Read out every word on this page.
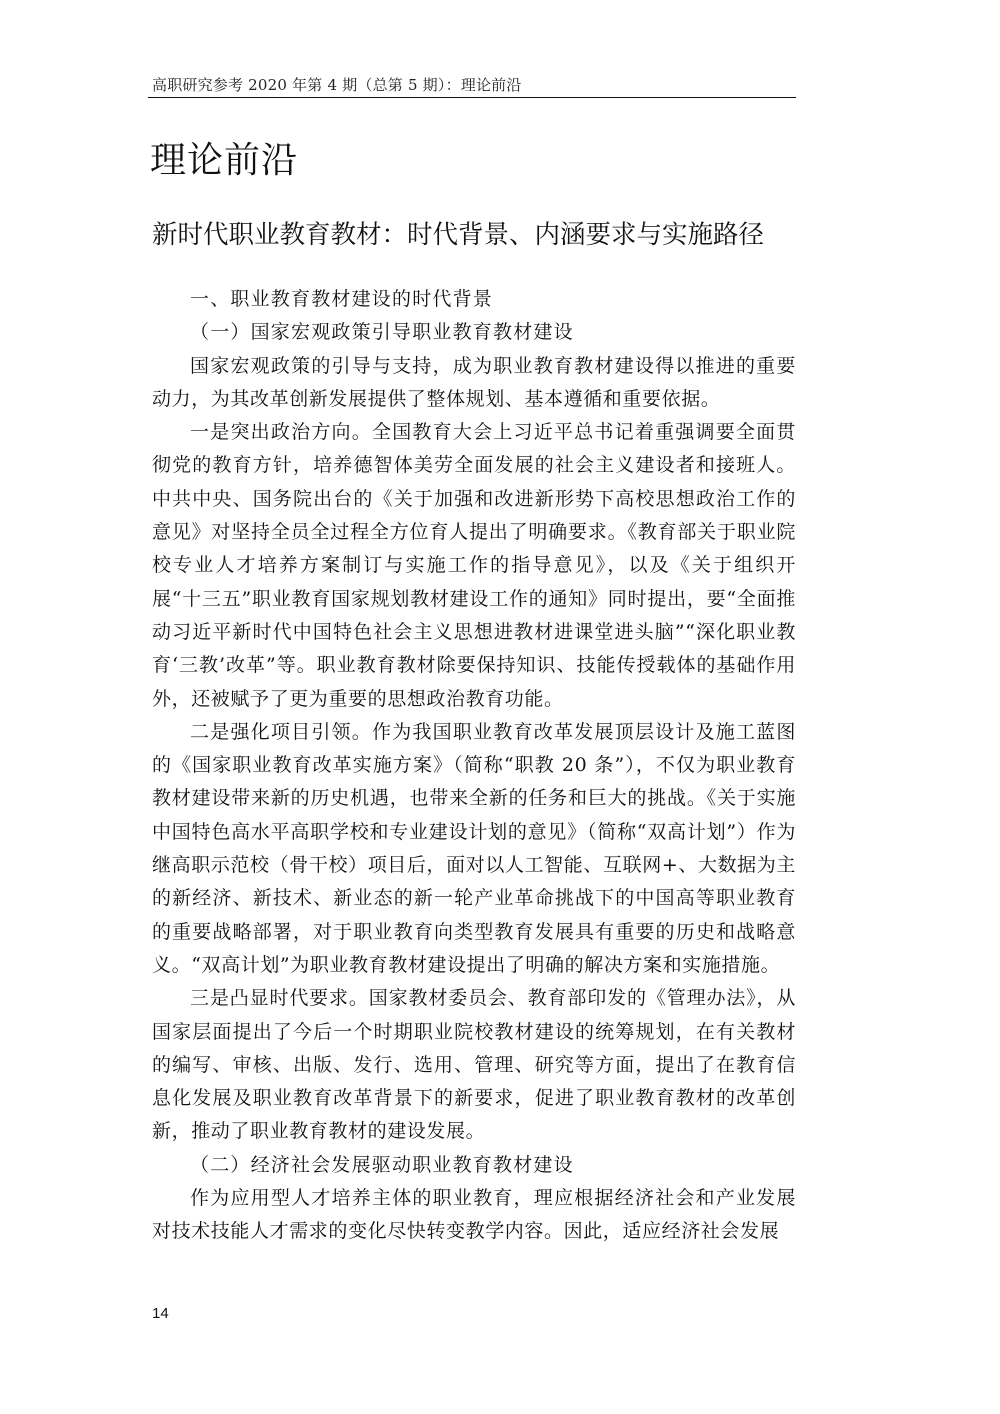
高职研究参考 2020 年第 4 期（总第 5 期）：理论前沿
理论前沿
新时代职业教育教材：时代背景、内涵要求与实施路径

一、职业教育教材建设的时代背景

（一）国家宏观政策引导职业教育教材建设

国家宏观政策的引导与支持，成为职业教育教材建设得以推进的重要动力，为其改革创新发展提供了整体规划、基本遵循和重要依据。

一是突出政治方向。全国教育大会上习近平总书记着重强调要全面贯彻党的教育方针，培养德智体美劳全面发展的社会主义建设者和接班人。中共中央、国务院出台的《关于加强和改进新形势下高校思想政治工作的意见》对坚持全员全过程全方位育人提出了明确要求。《教育部关于职业院校专业人才培养方案制订与实施工作的指导意见》，以及《关于组织开展“十三五”职业教育国家规划教材建设工作的通知》同时提出，要“全面推动习近平新时代中国特色社会主义思想进教材进课堂进头脑”“深化职业教育‘三教’改革”等。职业教育教材除要保持知识、技能传授载体的基础作用外，还被赋予了更为重要的思想政治教育功能。

二是强化项目引领。作为我国职业教育改革发展顶层设计及施工蓝图的《国家职业教育改革实施方案》（简称“职教 20 条”），不仅为职业教育教材建设带来新的历史机遇，也带来全新的任务和巨大的挑战。《关于实施中国特色高水平高职学校和专业建设计划的意见》（简称“双高计划”）作为继高职示范校（骨干校）项目后，面对以人工智能、互联网+、大数据为主的新经济、新技术、新业态的新一轮产业革命挑战下的中国高等职业教育的重要战略部署，对于职业教育向类型教育发展具有重要的历史和战略意义。“双高计划”为职业教育教材建设提出了明确的解决方案和实施措施。

三是凸显时代要求。国家教材委员会、教育部印发的《管理办法》，从国家层面提出了今后一个时期职业院校教材建设的统筹规划，在有关教材的编写、审核、出版、发行、选用、管理、研究等方面，提出了在教育信息化发展及职业教育改革背景下的新要求，促进了职业教育教材的改革创新，推动了职业教育教材的建设发展。

（二）经济社会发展驱动职业教育教材建设

作为应用型人才培养主体的职业教育，理应根据经济社会和产业发展对技术技能人才需求的变化尽快转变教学内容。因此，适应经济社会发展

14
